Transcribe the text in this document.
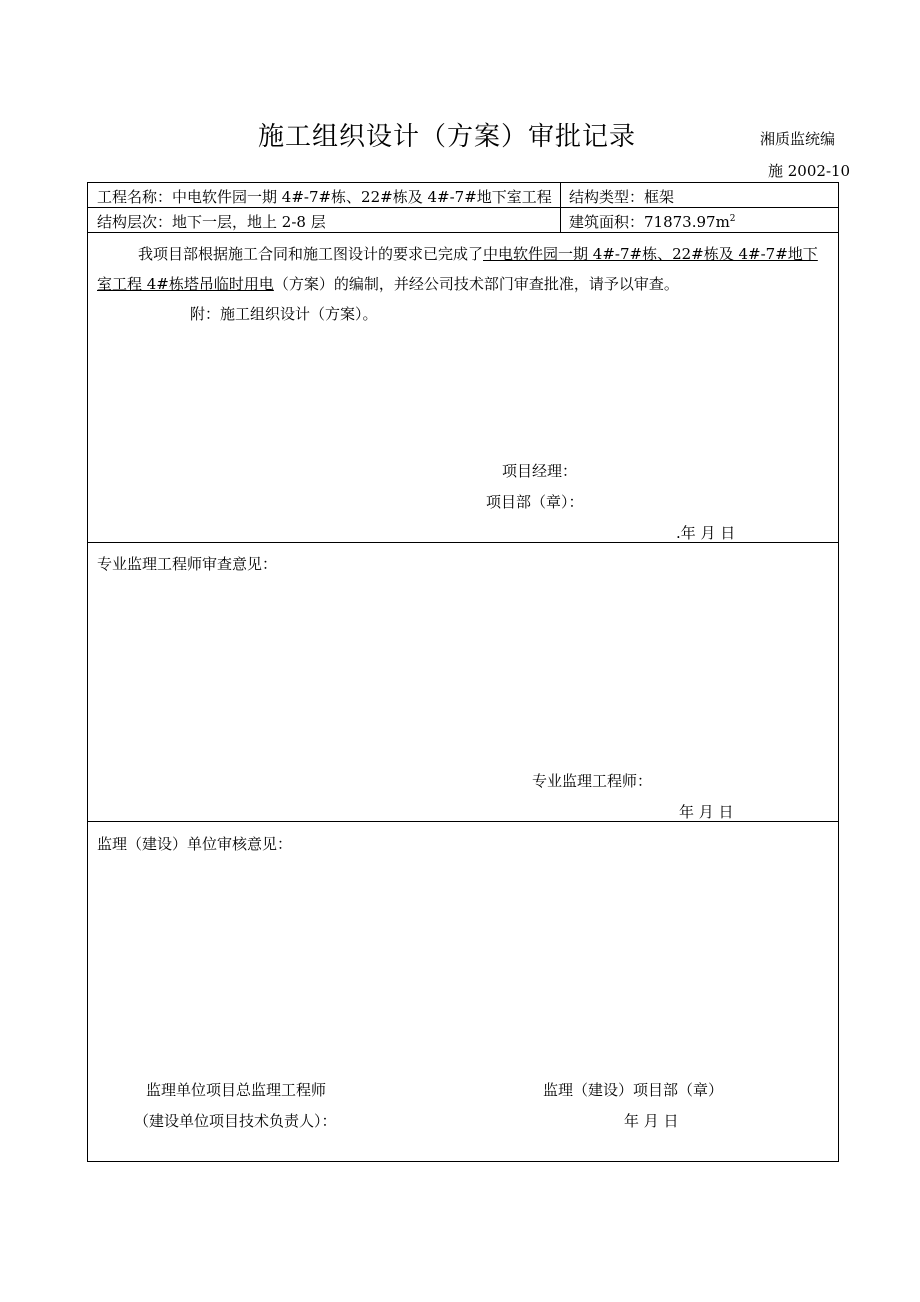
施工组织设计（方案）审批记录	湘质监统编
施 2002-10
工程名称：中电软件园一期 4#-7#栋、22#栋及 4#-7#地下室工程 结构类型：框架
结构层次：地下一层，地上 2-8 层	建筑面积：$71873.97m^2$
我项目部根据施工合同和施工图设计的要求已完成了中电软件园一期 4#-7#栋、22#栋及 4#-7#地下
室工程 4#栋塔吊临时用电（方案）的编制，并经公司技术部门审查批准，请予以审查。
附：施工组织设计（方案）。
项目经理：
项目部（章）：
.年 月 日
专业监理工程师审查意见：
专业监理工程师：
年 月 日
监理（建设）单位审核意见：
监理单位项目总监理工程师
（建设单位项目技术负责人）：
监理（建设）项目部（章）
年 月 日
